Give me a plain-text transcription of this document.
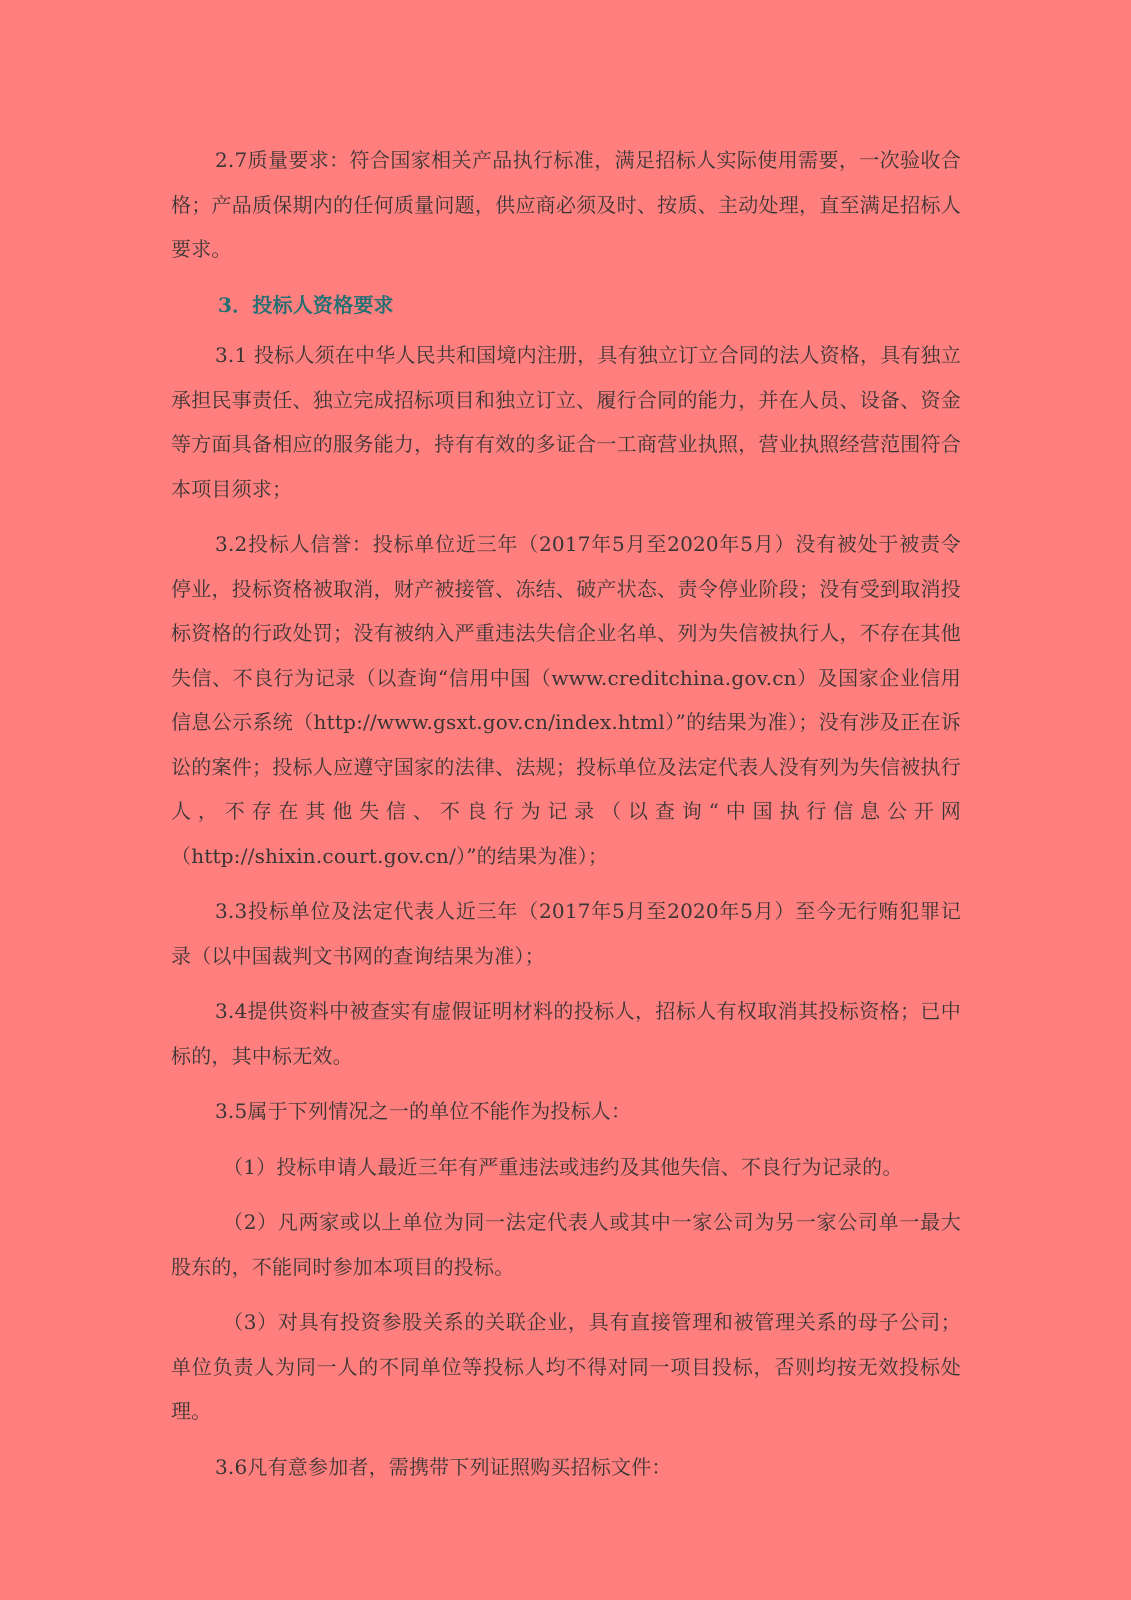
2.7质量要求：符合国家相关产品执行标准，满足招标人实际使用需要，一次验收合格；产品质保期内的任何质量问题，供应商必须及时、按质、主动处理，直至满足招标人要求。

3．投标人资格要求

3.1 投标人须在中华人民共和国境内注册，具有独立订立合同的法人资格，具有独立承担民事责任、独立完成招标项目和独立订立、履行合同的能力，并在人员、设备、资金等方面具备相应的服务能力，持有有效的多证合一工商营业执照，营业执照经营范围符合本项目须求；

3.2投标人信誉：投标单位近三年（2017年5月至2020年5月）没有被处于被责令停业，投标资格被取消，财产被接管、冻结、破产状态、责令停业阶段；没有受到取消投标资格的行政处罚；没有被纳入严重违法失信企业名单、列为失信被执行人，不存在其他失信、不良行为记录（以查询“信用中国（www.creditchina.gov.cn）及国家企业信用信息公示系统（http://www.gsxt.gov.cn/index.html）”的结果为准）；没有涉及正在诉讼的案件；投标人应遵守国家的法律、法规；投标单位及法定代表人没有列为失信被执行人，不存在其他失信、不良行为记录（以查询“中国执行信息公开网（http://shixin.court.gov.cn/）”的结果为准）；

3.3投标单位及法定代表人近三年（2017年5月至2020年5月）至今无行贿犯罪记录（以中国裁判文书网的查询结果为准）；

3.4提供资料中被查实有虚假证明材料的投标人，招标人有权取消其投标资格；已中标的，其中标无效。

3.5属于下列情况之一的单位不能作为投标人：

（1）投标申请人最近三年有严重违法或违约及其他失信、不良行为记录的。

（2）凡两家或以上单位为同一法定代表人或其中一家公司为另一家公司单一最大股东的，不能同时参加本项目的投标。

（3）对具有投资参股关系的关联企业，具有直接管理和被管理关系的母子公司；单位负责人为同一人的不同单位等投标人均不得对同一项目投标，否则均按无效投标处理。

3.6凡有意参加者，需携带下列证照购买招标文件：
